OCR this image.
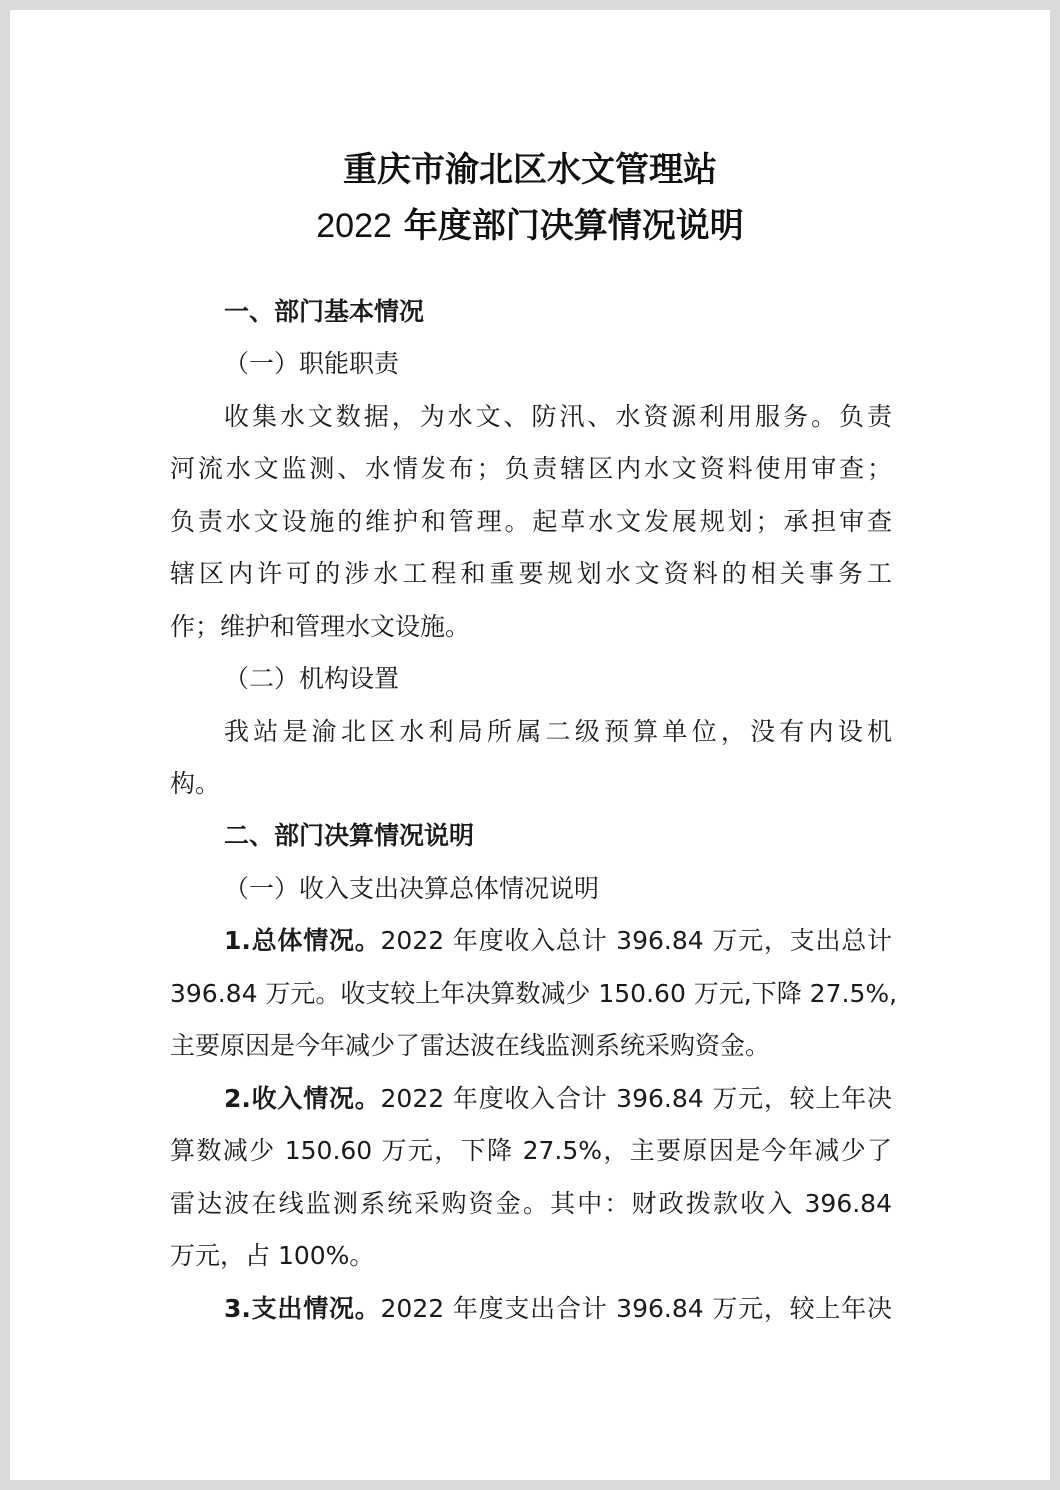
重庆市渝北区水文管理站
2022 年度部门决算情况说明
一、部门基本情况
（一）职能职责
收集水文数据，为水文、防汛、水资源利用服务。负责
河流水文监测、水情发布；负责辖区内水文资料使用审查；
负责水文设施的维护和管理。起草水文发展规划；承担审查
辖区内许可的涉水工程和重要规划水文资料的相关事务工
作；维护和管理水文设施。
（二）机构设置
我站是渝北区水利局所属二级预算单位，没有内设机
构。
二、部门决算情况说明
（一）收入支出决算总体情况说明
1.总体情况。2022 年度收入总计 396.84 万元，支出总计
396.84 万元。收支较上年决算数减少 150.60 万元,下降 27.5%,
主要原因是今年减少了雷达波在线监测系统采购资金。
2.收入情况。2022 年度收入合计 396.84 万元，较上年决
算数减少 150.60 万元，下降 27.5%，主要原因是今年减少了
雷达波在线监测系统采购资金。其中：财政拨款收入 396.84
万元，占 100%。
3.支出情况。2022 年度支出合计 396.84 万元，较上年决
